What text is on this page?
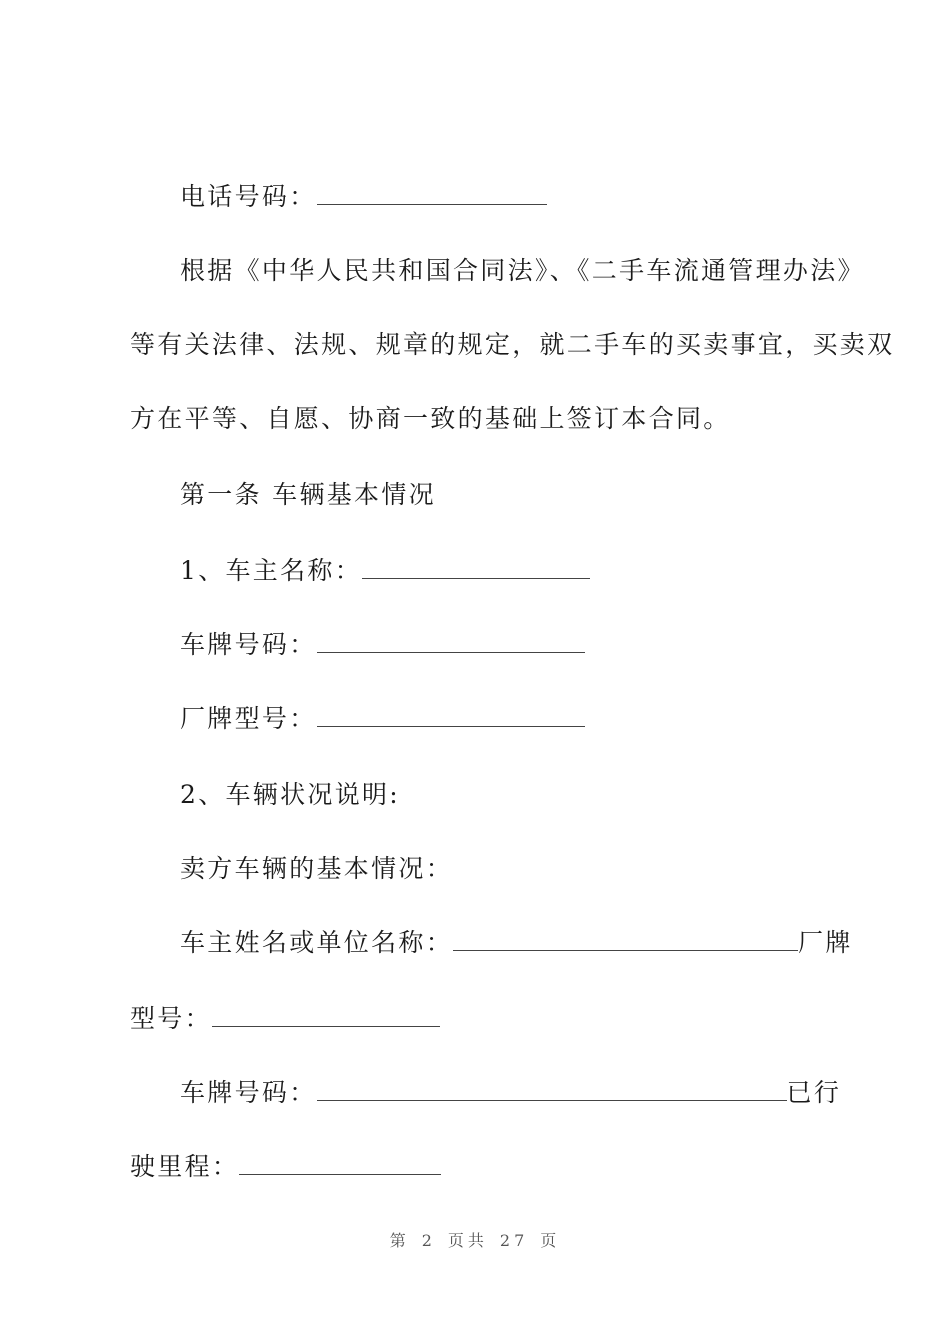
电话号码：
根据《中华人民共和国合同法》、《二手车流通管理办法》
等有关法律、法规、规章的规定，就二手车的买卖事宜，买卖双
方在平等、自愿、协商一致的基础上签订本合同。
第一条 车辆基本情况
1、车主名称：
车牌号码：
厂牌型号：
2、车辆状况说明:
卖方车辆的基本情况：
车主姓名或单位名称：	厂牌
型号：
车牌号码：	已行
驶里程：
第 2 页共 27 页
